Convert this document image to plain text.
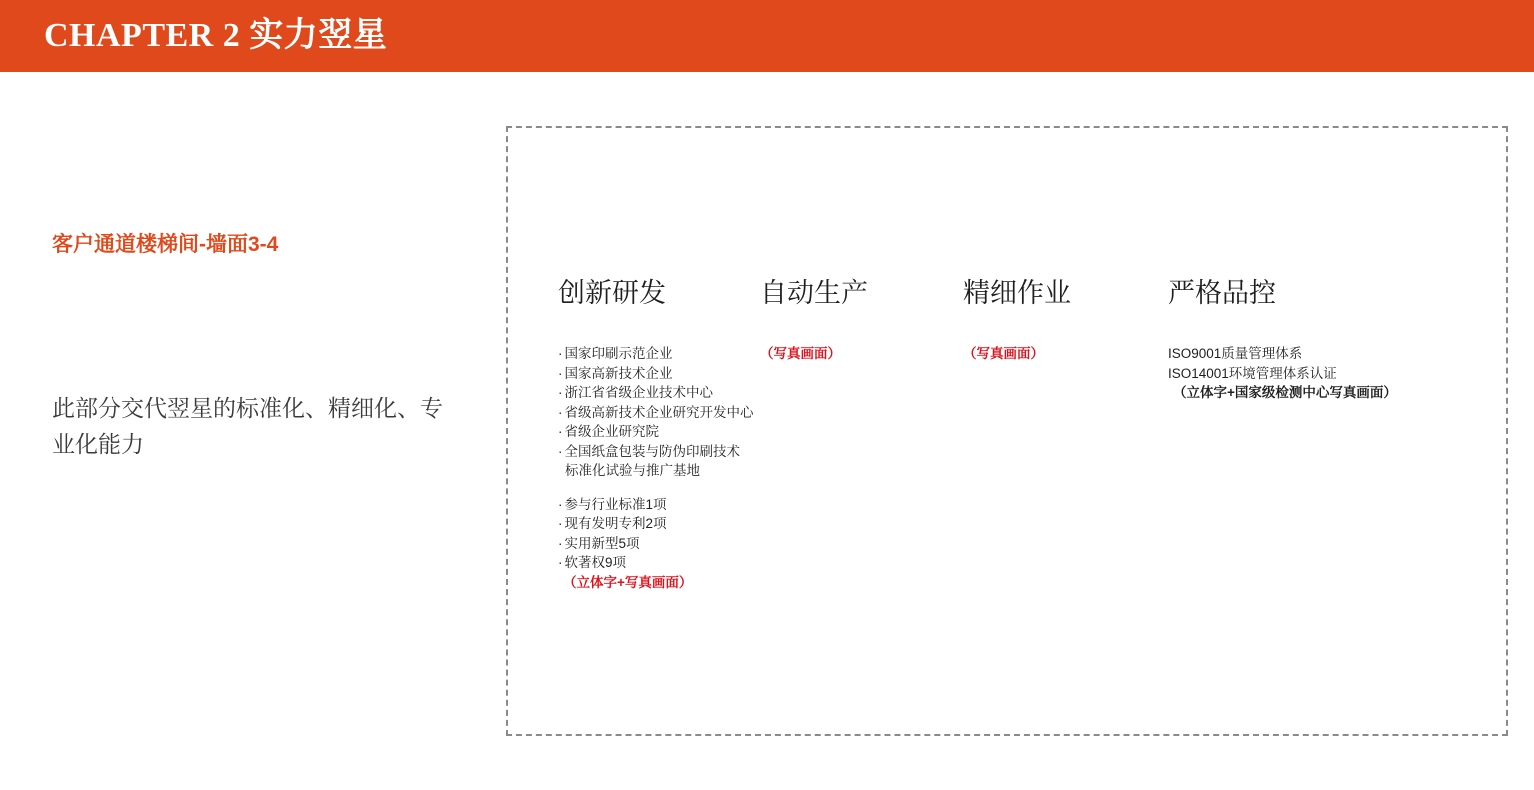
CHAPTER 2 实力翌星
客户通道楼梯间-墙面3-4
此部分交代翌星的标准化、精细化、专业化能力
创新研发
· 国家印刷示范企业
· 国家高新技术企业
· 浙江省省级企业技术中心
· 省级高新技术企业研究开发中心
· 省级企业研究院
· 全国纸盒包装与防伪印刷技术
标准化试验与推广基地
· 参与行业标准1项
· 现有发明专利2项
· 实用新型5项
· 软著权9项
（立体字+写真画面）
自动生产
（写真画面）
精细作业
（写真画面）
严格品控
ISO9001质量管理体系
ISO14001环境管理体系认证
（立体字+国家级检测中心写真画面）
